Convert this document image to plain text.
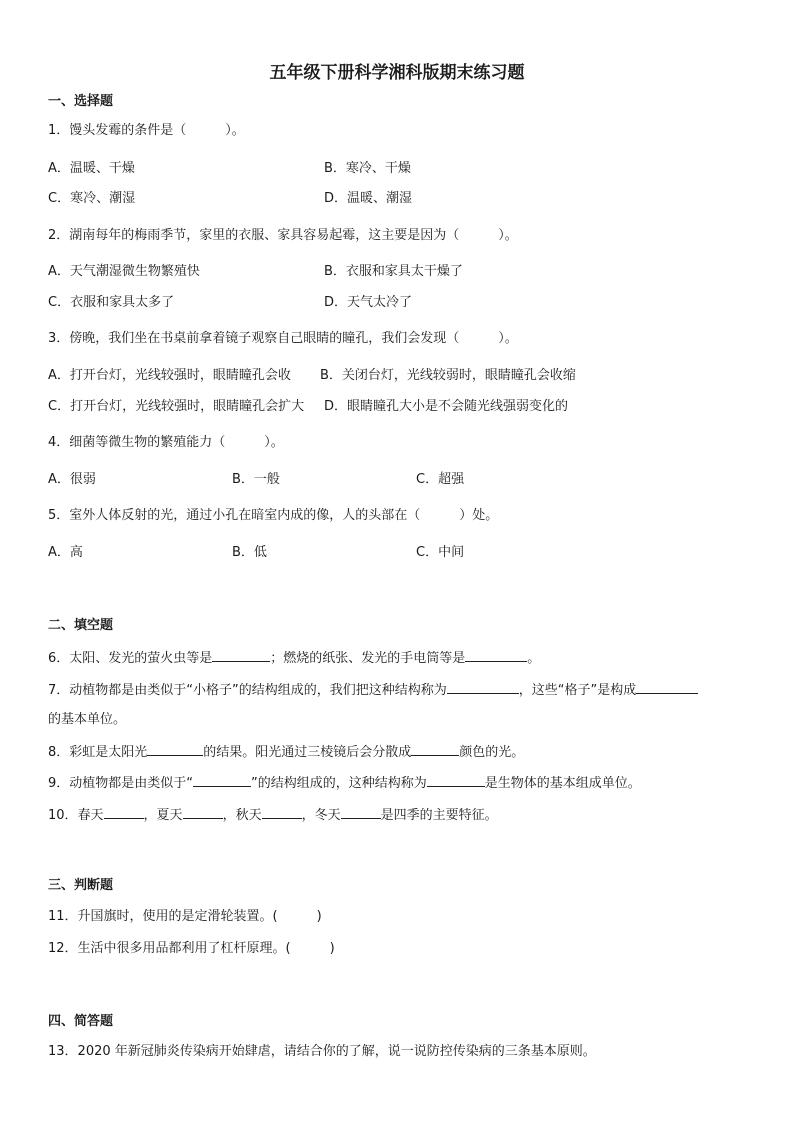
五年级下册科学湘科版期末练习题
一、选择题
1．馒头发霉的条件是（　　　）。
A．温暖、干燥	B．寒冷、干燥
C．寒冷、潮湿	D．温暖、潮湿
2．湖南每年的梅雨季节，家里的衣服、家具容易起霉，这主要是因为（　　　）。
A．天气潮湿微生物繁殖快	B．衣服和家具太干燥了
C．衣服和家具太多了	D．天气太冷了
3．傍晚，我们坐在书桌前拿着镜子观察自己眼睛的瞳孔，我们会发现（　　　）。
A．打开台灯，光线较强时，眼睛瞳孔会收 B．关闭台灯，光线较弱时，眼睛瞳孔会收缩
C．打开台灯，光线较强时，眼睛瞳孔会扩大 D．眼睛瞳孔大小是不会随光线强弱变化的
4．细菌等微生物的繁殖能力（　　　）。
A．很弱	B．一般	C．超强
5．室外人体反射的光，通过小孔在暗室内成的像，人的头部在（　　　）处。
A．高	B．低	C．中间
二、填空题
6．太阳、发光的萤火虫等是	；燃烧的纸张、发光的手电筒等是	。
7．动植物都是由类似于“小格子”的结构组成的，我们把这种结构称为	，这些“格子”是构成
的基本单位。
8．彩虹是太阳光	的结果。阳光通过三棱镜后会分散成	颜色的光。
9．动植物都是由类似于“	”的结构组成的，这种结构称为	是生物体的基本组成单位。
10．春天	，夏天	，秋天	，冬天	是四季的主要特征。
三、判断题
11．升国旗时，使用的是定滑轮装置。(　　　)
12．生活中很多用品都利用了杠杆原理。(　　　)
四、简答题
13．2020 年新冠肺炎传染病开始肆虐，请结合你的了解，说一说防控传染病的三条基本原则。
